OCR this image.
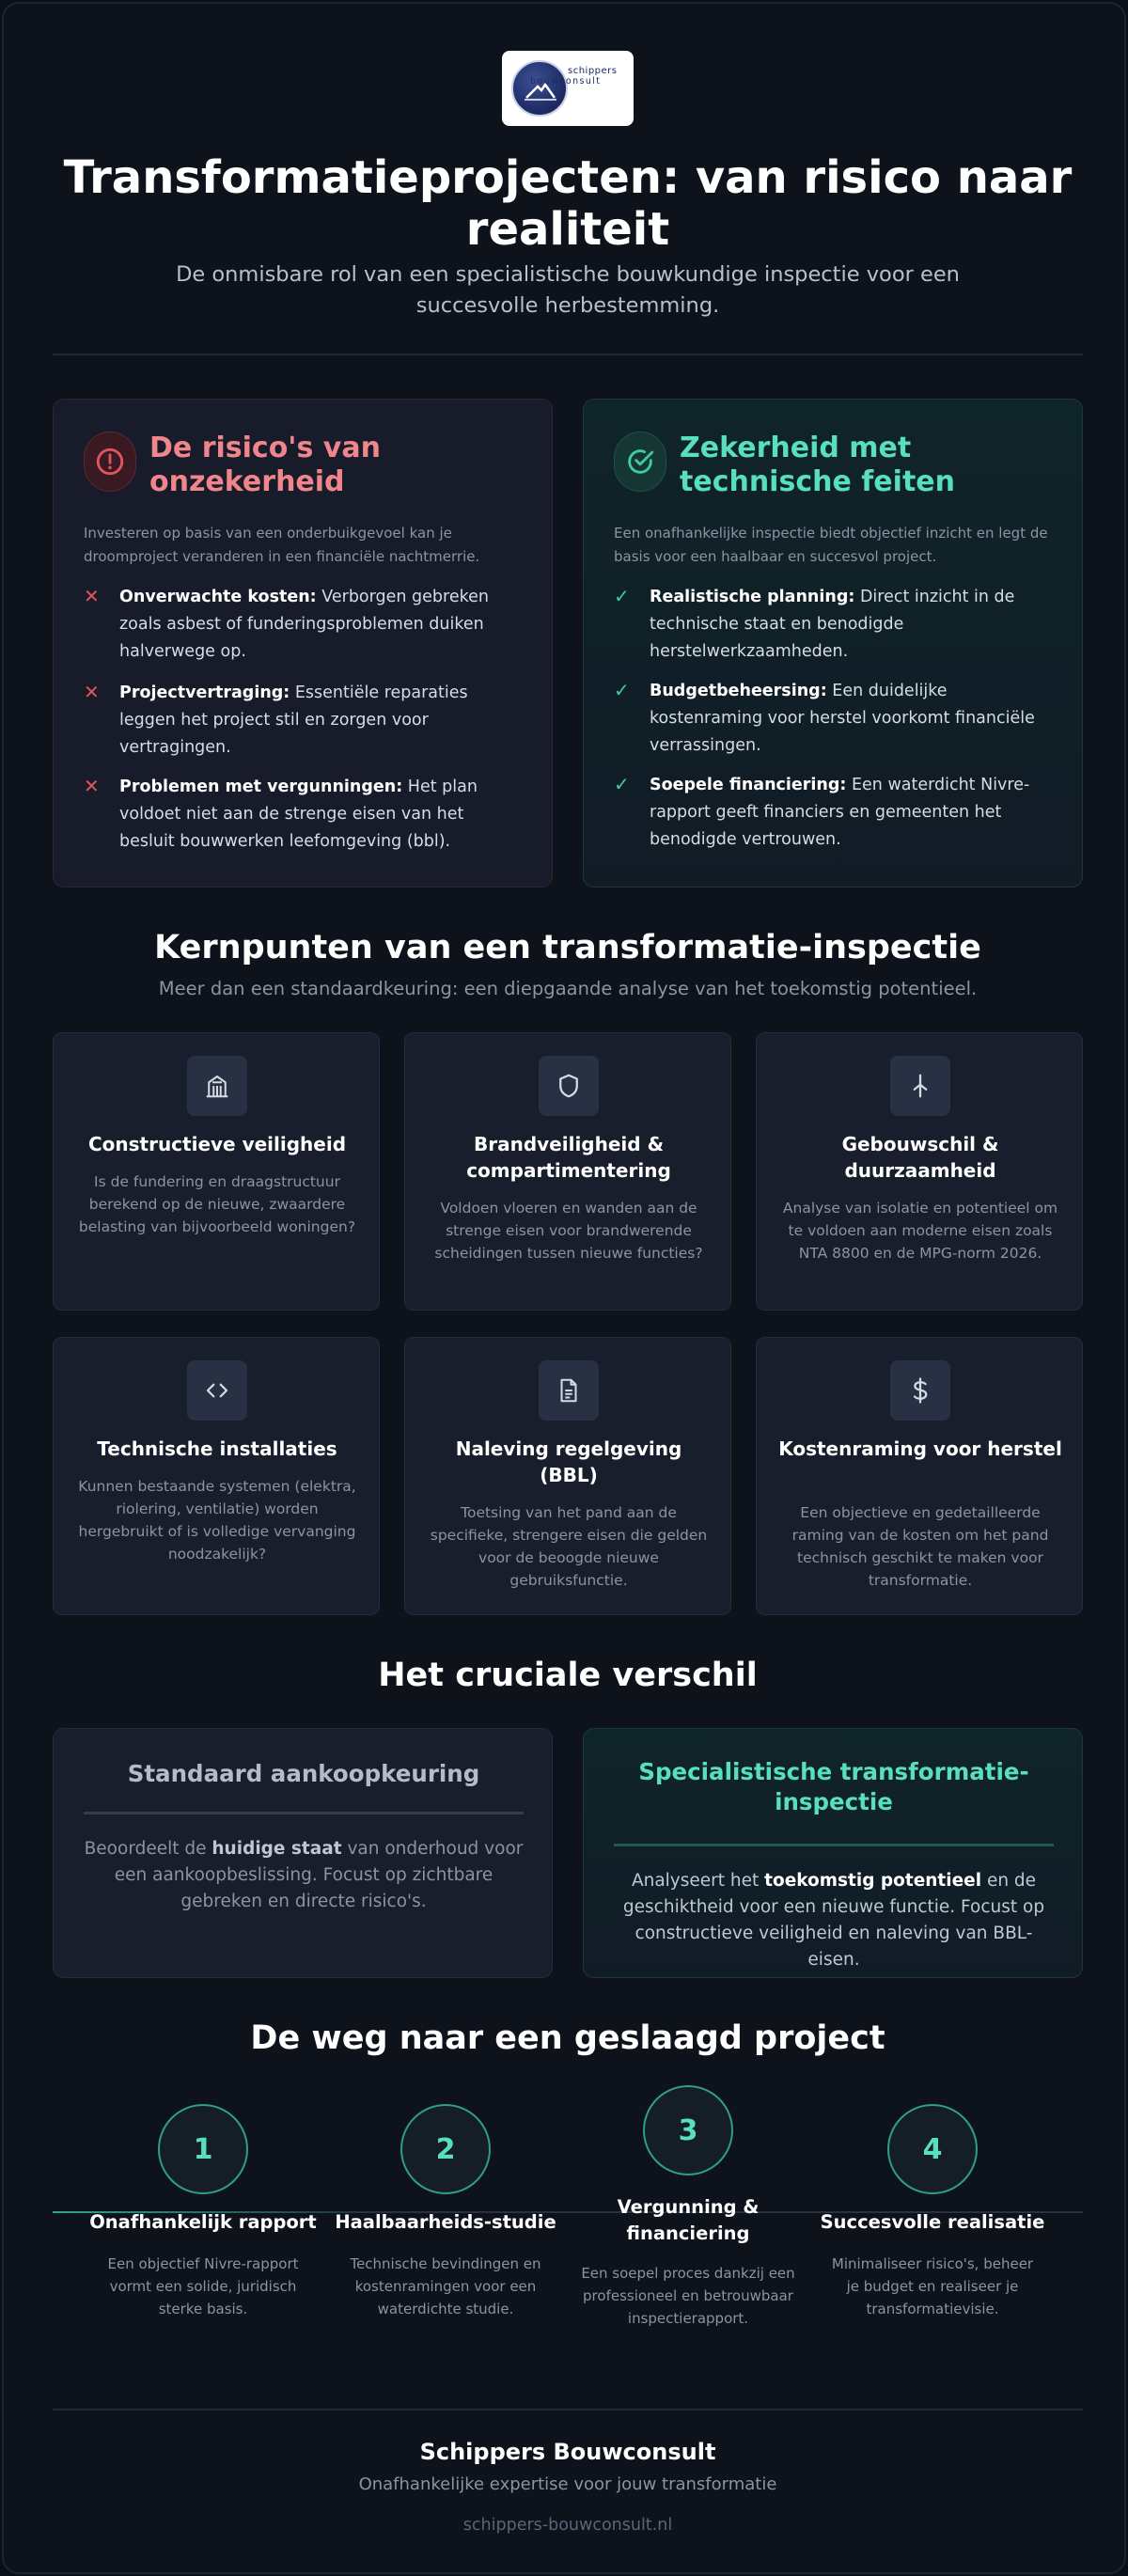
schippers
bouwconsult
Transformatieprojecten: van risico naar realiteit
De onmisbare rol van een specialistische bouwkundige inspectie voor een succesvolle herbestemming.
De risico's van onzekerheid
Investeren op basis van een onderbuikgevoel kan je droomproject veranderen in een financiële nachtmerrie.
✕	Onverwachte kosten: Verborgen gebreken zoals asbest of funderingsproblemen duiken halverwege op.
✕	Projectvertraging: Essentiële reparaties leggen het project stil en zorgen voor vertragingen.
✕	Problemen met vergunningen: Het plan voldoet niet aan de strenge eisen van het besluit bouwwerken leefomgeving (bbl).
Zekerheid met technische feiten
Een onafhankelijke inspectie biedt objectief inzicht en legt de basis voor een haalbaar en succesvol project.
✓	Realistische planning: Direct inzicht in de technische staat en benodigde herstelwerkzaamheden.
✓	Budgetbeheersing: Een duidelijke kostenraming voor herstel voorkomt financiële verrassingen.
✓	Soepele financiering: Een waterdicht Nivre-rapport geeft financiers en gemeenten het benodigde vertrouwen.
Kernpunten van een transformatie-inspectie
Meer dan een standaardkeuring: een diepgaande analyse van het toekomstig potentieel.
Constructieve veiligheid
Is de fundering en draagstructuur berekend op de nieuwe, zwaardere belasting van bijvoorbeeld woningen?
Brandveiligheid & compartimentering
Voldoen vloeren en wanden aan de strenge eisen voor brandwerende scheidingen tussen nieuwe functies?
Gebouwschil & duurzaamheid
Analyse van isolatie en potentieel om te voldoen aan moderne eisen zoals NTA 8800 en de MPG-norm 2026.
Technische installaties
Kunnen bestaande systemen (elektra, riolering, ventilatie) worden hergebruikt of is volledige vervanging noodzakelijk?
Naleving regelgeving (BBL)
Toetsing van het pand aan de specifieke, strengere eisen die gelden voor de beoogde nieuwe gebruiksfunctie.
Kostenraming voor herstel
Een objectieve en gedetailleerde raming van de kosten om het pand technisch geschikt te maken voor transformatie.
Het cruciale verschil
Standaard aankoopkeuring
Beoordeelt de huidige staat van onderhoud voor een aankoopbeslissing. Focust op zichtbare gebreken en directe risico's.
Specialistische transformatie-inspectie
Analyseert het toekomstig potentieel en de geschiktheid voor een nieuwe functie. Focust op constructieve veiligheid en naleving van BBL-eisen.
De weg naar een geslaagd project
1
Onafhankelijk rapport
Een objectief Nivre-rapport vormt een solide, juridisch sterke basis.
2
Haalbaarheids-studie
Technische bevindingen en kostenramingen voor een waterdichte studie.
3
Vergunning & financiering
Een soepel proces dankzij een professioneel en betrouwbaar inspectierapport.
4
Succesvolle realisatie
Minimaliseer risico's, beheer je budget en realiseer je transformatievisie.
Schippers Bouwconsult
Onafhankelijke expertise voor jouw transformatie
schippers-bouwconsult.nl
